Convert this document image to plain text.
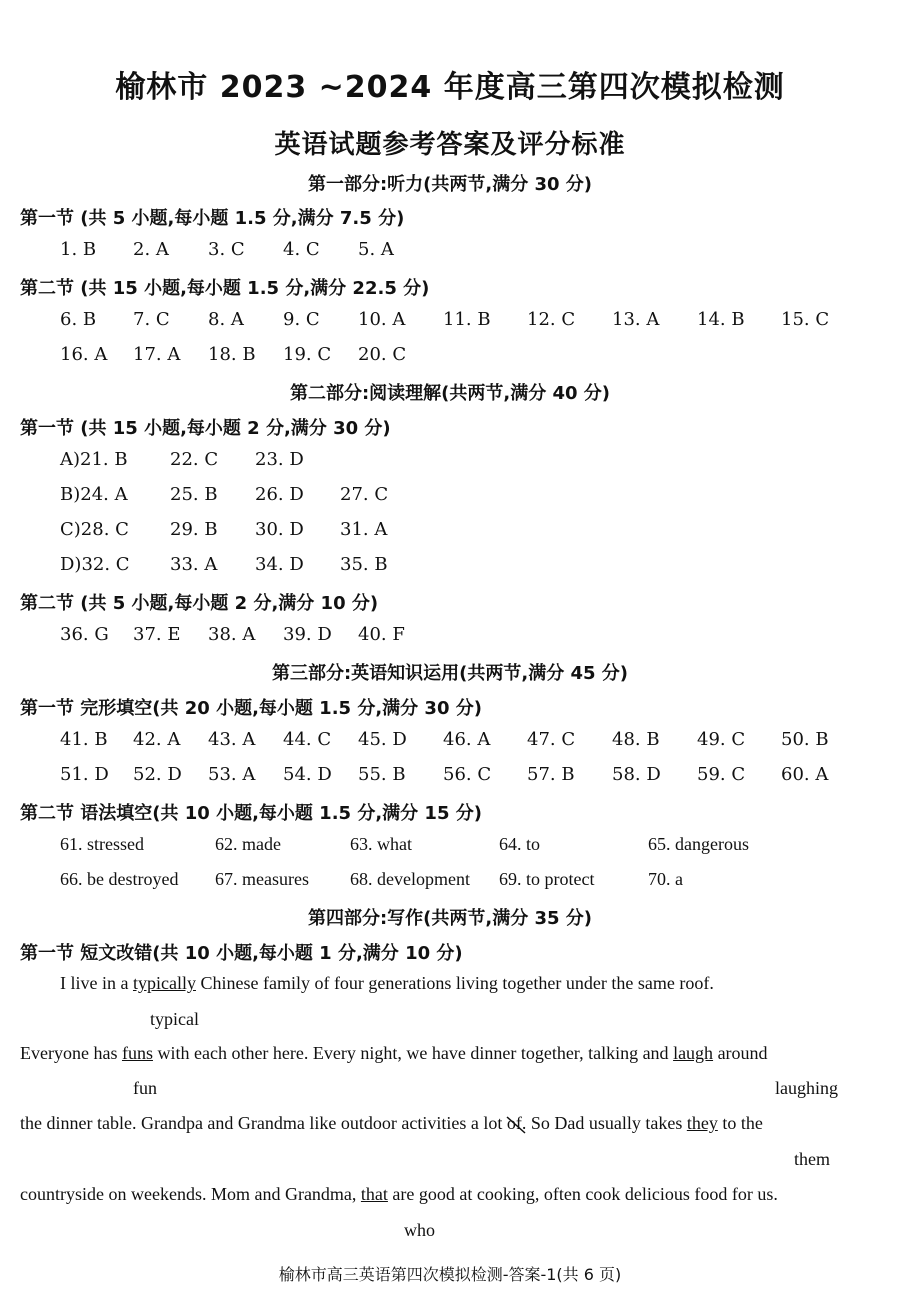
榆林市 2023 ~2024 年度高三第四次模拟检测
英语试题参考答案及评分标准
第一部分:听力(共两节,满分 30 分)
第一节 (共 5 小题,每小题 1.5 分,满分 7.5 分)
1. B 2. A 3. C 4. C 5. A
第二节 (共 15 小题,每小题 1.5 分,满分 22.5 分)
6. B 7. C 8. A 9. C 10. A 11. B 12. C 13. A 14. B 15. C
16. A 17. A 18. B 19. C 20. C
第二部分:阅读理解(共两节,满分 40 分)
第一节 (共 15 小题,每小题 2 分,满分 30 分)
A)21. B 22. C 23. D
B)24. A 25. B 26. D 27. C
C)28. C 29. B 30. D 31. A
D)32. C 33. A 34. D 35. B
第二节 (共 5 小题,每小题 2 分,满分 10 分)
36. G 37. E 38. A 39. D 40. F
第三部分:英语知识运用(共两节,满分 45 分)
第一节 完形填空(共 20 小题,每小题 1.5 分,满分 30 分)
41. B 42. A 43. A 44. C 45. D 46. A 47. C 48. B 49. C 50. B
51. D 52. D 53. A 54. D 55. B 56. C 57. B 58. D 59. C 60. A
第二节 语法填空(共 10 小题,每小题 1.5 分,满分 15 分)
61. stressed	62. made	63. what	64. to	65. dangerous
66. be destroyed 67. measures 68. development 69. to protect	70. a
第四部分:写作(共两节,满分 35 分)
第一节 短文改错(共 10 小题,每小题 1 分,满分 10 分)
I live in a typically Chinese family of four generations living together under the same roof.
typical
Everyone has funs with each other here. Every night, we have dinner together, talking and laugh around
fun	laughing
the dinner table. Grandpa and Grandma like outdoor activities a lot of
. So Dad usually takes they to the
them
countryside on weekends. Mom and Grandma, that are good at cooking, often cook delicious food for us.
who
榆林市高三英语第四次模拟检测-答案-1(共 6 页)
